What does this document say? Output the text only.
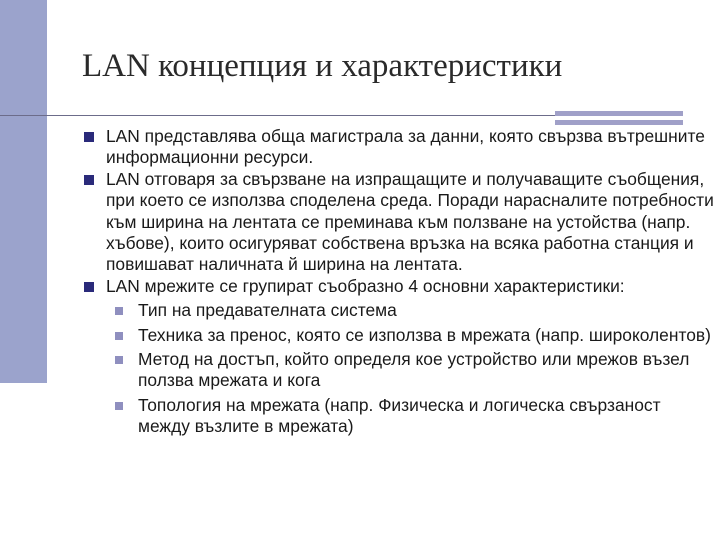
LAN концепция и характеристики
LAN представлява обща магистрала за данни, която свързва вътрешните информационни ресурси.
LAN отговаря за свързване на изпращащите и получаващите съобщения, при което се използва споделена среда. Поради нарасналите потребности към ширина на лентата се преминава към ползване на устойства (напр. хъбове), които осигуряват собствена връзка на всяка работна станция и повишават наличната й ширина на лентата.
LAN мрежите се групират съобразно 4 основни характеристики:
Тип на предавателната система
Техника за пренос, която се използва в мрежата (напр. широколентов)
Метод на достъп, който определя кое устройство или мрежов възел ползва мрежата и кога
Топология на мрежата (напр. Физическа и логическа свързаност между възлите в мрежата)
